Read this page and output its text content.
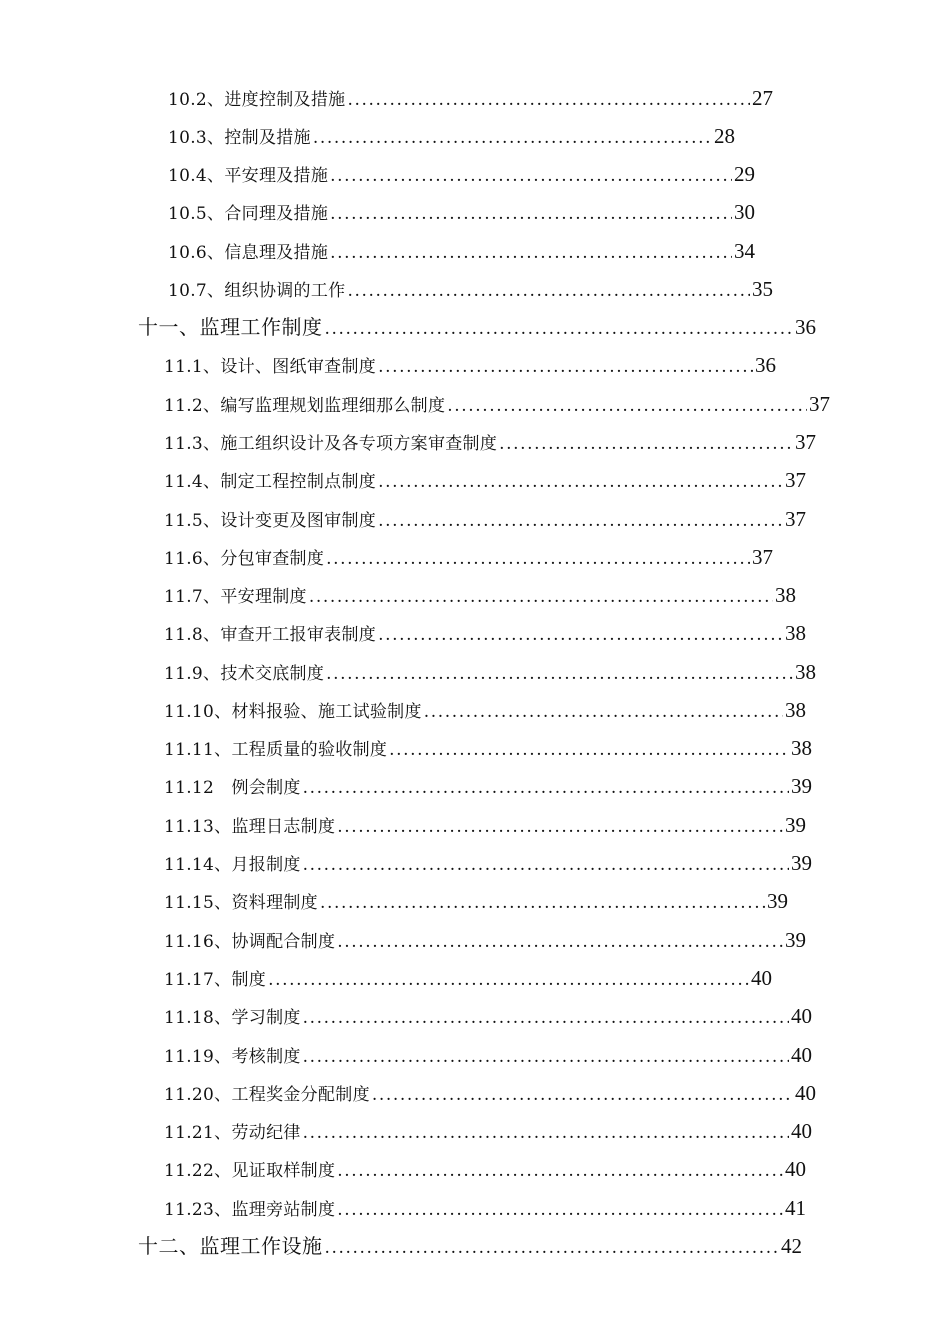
10.2、进度控制及措施 .....	27
10.3、控制及措施 .....	28
10.4、平安理及措施 .....	29
10.5、合同理及措施 .....	30
10.6、信息理及措施 .....	34
10.7、组织协调的工作 .....	35
十一、监理工作制度 .....	36
11.1、设计、图纸审查制度 .....	36
11.2、编写监理规划监理细那么制度 .....	37
11.3、施工组织设计及各专项方案审查制度 .....	37
11.4、制定工程控制点制度 .....	37
11.5、设计变更及图审制度 .....	37
11.6、分包审查制度 .....	37
11.7、平安理制度 .....	38
11.8、审查开工报审表制度 .....	38
11.9、技术交底制度 .....	38
11.10、材料报验、施工试验制度 .....	38
11.11、工程质量的验收制度 .....	38
11.12　例会制度 .....	39
11.13、监理日志制度 .....	39
11.14、月报制度 .....	39
11.15、资料理制度 .....	39
11.16、协调配合制度 .....	39
11.17、制度 .....	40
11.18、学习制度 .....	40
11.19、考核制度 .....	40
11.20、工程奖金分配制度 .....	40
11.21、劳动纪律 .....	40
11.22、见证取样制度 .....	40
11.23、监理旁站制度 .....	41
十二、监理工作设施 .....	42
